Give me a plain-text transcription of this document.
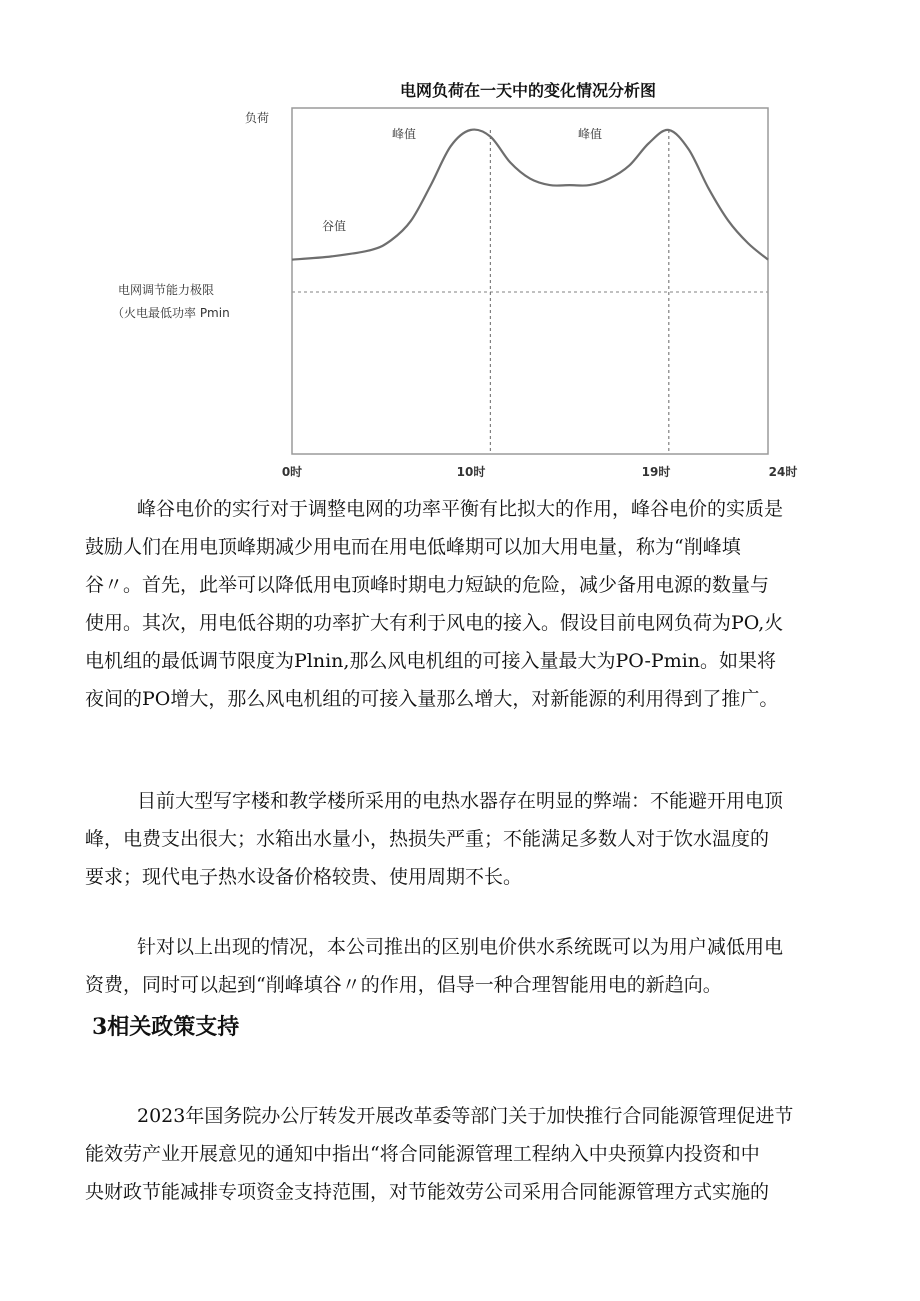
电网负荷在一天中的变化情况分析图
负荷
峰值	峰值
谷值
电网调节能力极限
（火电最低功率 Pmin
0时	10时	19时	24时
峰谷电价的实行对于调整电网的功率平衡有比拟大的作用，峰谷电价的实质是
鼓励人们在用电顶峰期减少用电而在用电低峰期可以加大用电量，称为“削峰填
谷〃。首先，此举可以降低用电顶峰时期电力短缺的危险，减少备用电源的数量与
使用。其次，用电低谷期的功率扩大有利于风电的接入。假设目前电网负荷为PO,火
电机组的最低调节限度为Plnin,那么风电机组的可接入量最大为PO-Pmin。如果将
夜间的PO增大，那么风电机组的可接入量那么增大，对新能源的利用得到了推广。
目前大型写字楼和教学楼所采用的电热水器存在明显的弊端：不能避开用电顶
峰，电费支出很大；水箱出水量小，热损失严重；不能满足多数人对于饮水温度的
要求；现代电子热水设备价格较贵、使用周期不长。
针对以上出现的情况，本公司推出的区别电价供水系统既可以为用户减低用电
资费，同时可以起到“削峰填谷〃的作用，倡导一种合理智能用电的新趋向。
3相关政策支持
2023年国务院办公厅转发开展改革委等部门关于加快推行合同能源管理促进节
能效劳产业开展意见的通知中指出“将合同能源管理工程纳入中央预算内投资和中
央财政节能减排专项资金支持范围，对节能效劳公司采用合同能源管理方式实施的
